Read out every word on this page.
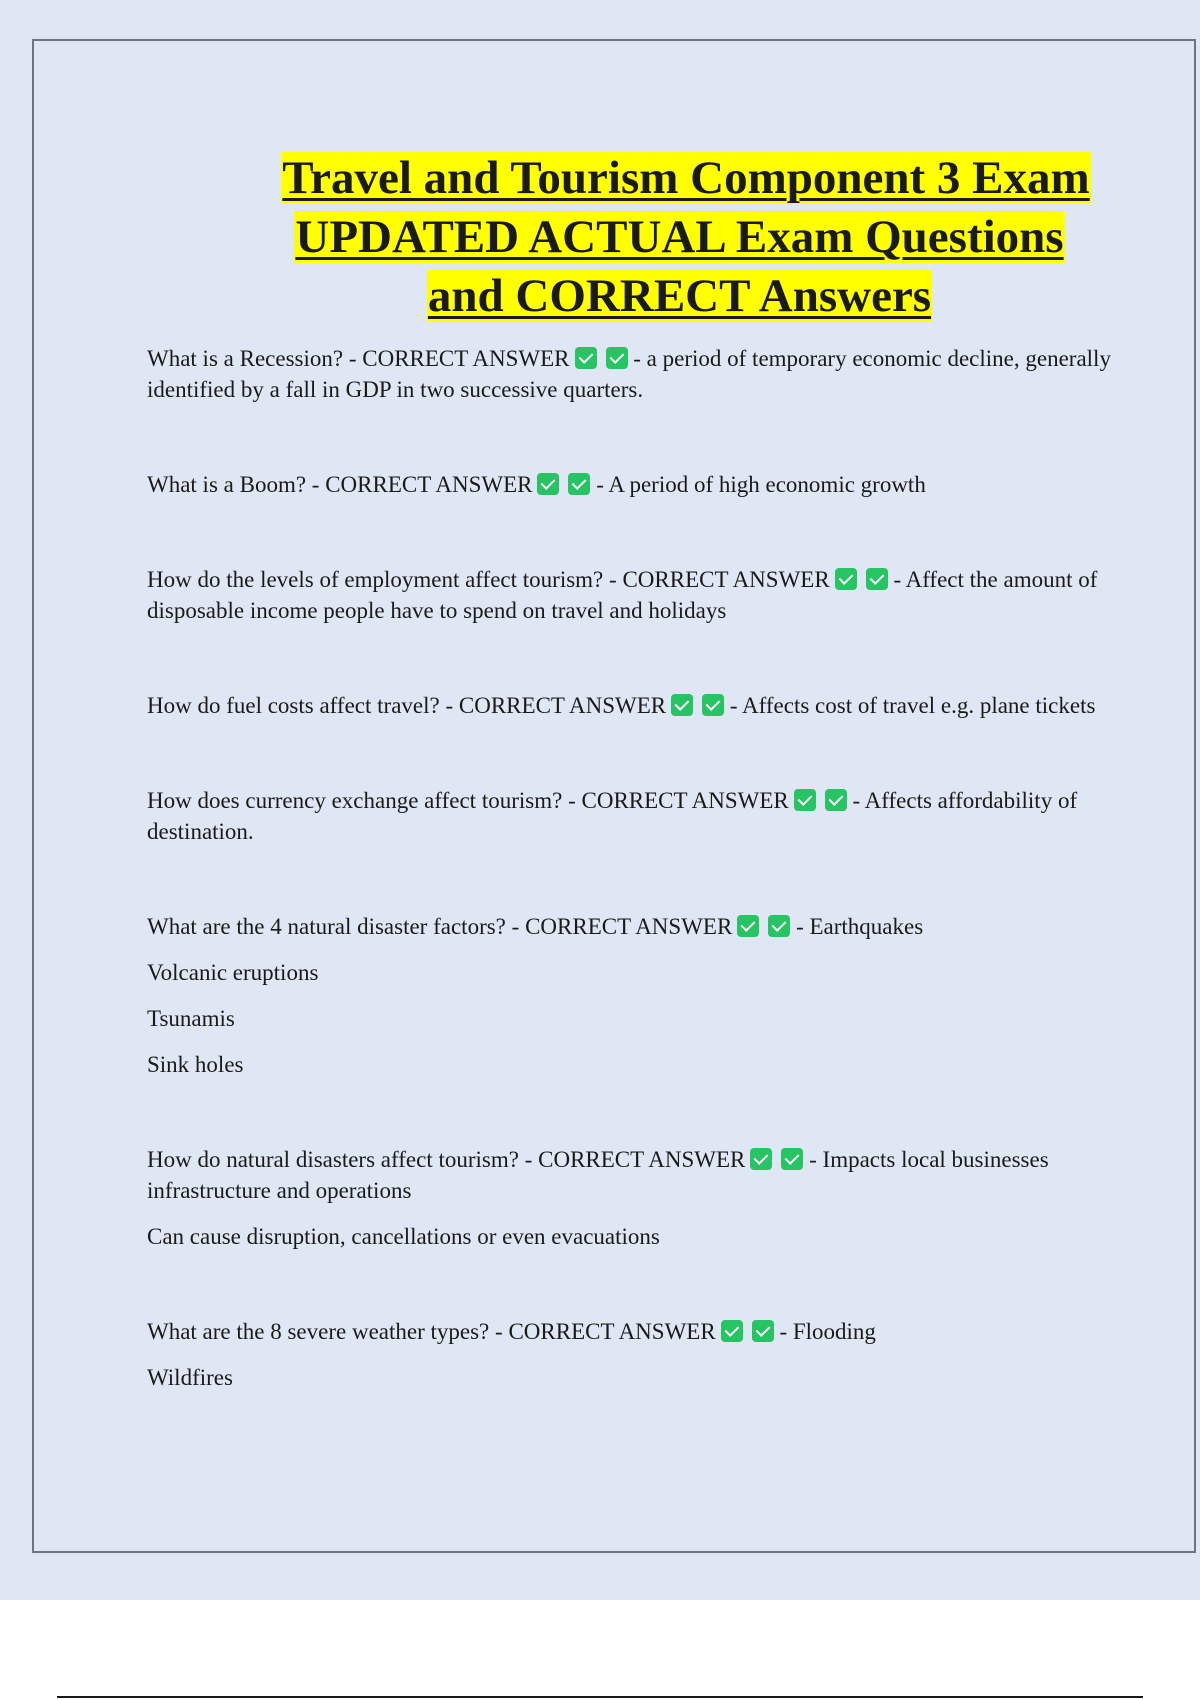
Travel and Tourism Component 3 Exam
UPDATED ACTUAL Exam Questions
and CORRECT Answers

What is a Recession? - CORRECT ANSWER	- a period of temporary economic decline, generally identified by a fall in GDP in two successive quarters.

What is a Boom? - CORRECT ANSWER	- A period of high economic growth

How do the levels of employment affect tourism? - CORRECT ANSWER	- Affect the amount of disposable income people have to spend on travel and holidays

How do fuel costs affect travel? - CORRECT ANSWER	- Affects cost of travel e.g. plane tickets

How does currency exchange affect tourism? - CORRECT ANSWER	- Affects affordability of destination.

What are the 4 natural disaster factors? - CORRECT ANSWER	- Earthquakes

Volcanic eruptions

Tsunamis

Sink holes

How do natural disasters affect tourism? - CORRECT ANSWER	- Impacts local businesses infrastructure and operations

Can cause disruption, cancellations or even evacuations

What are the 8 severe weather types? - CORRECT ANSWER	- Flooding

Wildfires
